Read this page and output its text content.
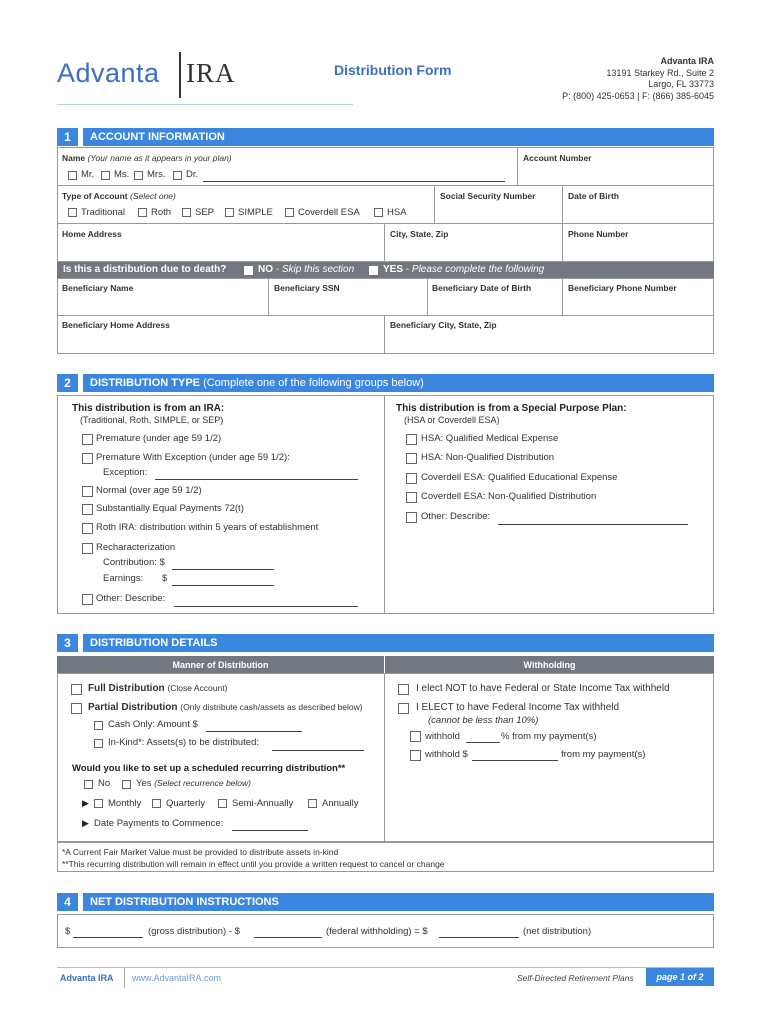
Advanta IRA	Distribution Form
Advanta IRA
13191 Starkey Rd., Suite 2
Largo, FL 33773
P: (800) 425-0653 | F: (866) 385-6045
1	ACCOUNT INFORMATION
Name (Your name as it appears in your plan)	Account Number
Mr. Ms. Mrs. Dr.
Type of Account (Select one)	Social Security Number	Date of Birth
Traditional	Roth	SEP	SIMPLE	Coverdell ESA	HSA
Home Address	City, State, Zip	Phone Number
Is this a distribution due to death?	NO - Skip this section	YES - Please complete the following
Beneficiary Name	Beneficiary SSN	Beneficiary Date of Birth	Beneficiary Phone Number
Beneficiary Home Address	Beneficiary City, State, Zip
2	DISTRIBUTION TYPE (Complete one of the following groups below)
This distribution is from an IRA:
(Traditional, Roth, SIMPLE, or SEP)
Premature (under age 59 1/2)
Premature With Exception (under age 59 1/2):
Exception:
Normal (over age 59 1/2)
Substantially Equal Payments 72(t)
Roth IRA: distribution within 5 years of establishment
Recharacterization
Contribution: $
Earnings: $
Other: Describe:
This distribution is from a Special Purpose Plan:
(HSA or Coverdell ESA)
HSA: Qualified Medical Expense
HSA: Non-Qualified Distribution
Coverdell ESA: Qualified Educational Expense
Coverdell ESA: Non-Qualified Distribution
Other: Describe:
3	DISTRIBUTION DETAILS
Manner of Distribution	Withholding
Full Distribution (Close Account)
Partial Distribution (Only distribute cash/assets as described below)
Cash Only: Amount $
In-Kind*: Assets(s) to be distributed:
Would you like to set up a scheduled recurring distribution**
No	Yes (Select recurrence below)
▶ Monthly	Quarterly	Semi-Annually	Annually
▶ Date Payments to Commence:
I elect NOT to have Federal or State Income Tax withheld
I ELECT to have Federal Income Tax withheld
(cannot be less than 10%)
withhold	% from my payment(s)
withhold $	from my payment(s)
*A Current Fair Market Value must be provided to distribute assets in-kind
**This recurring distribution will remain in effect until you provide a written request to cancel or change
4	NET DISTRIBUTION INSTRUCTIONS
$	(gross distribution) - $	(federal withholding) = $	(net distribution)
Advanta IRA www.AdvantaIRA.com	Self-Directed Retirement Plans	page 1 of 2
